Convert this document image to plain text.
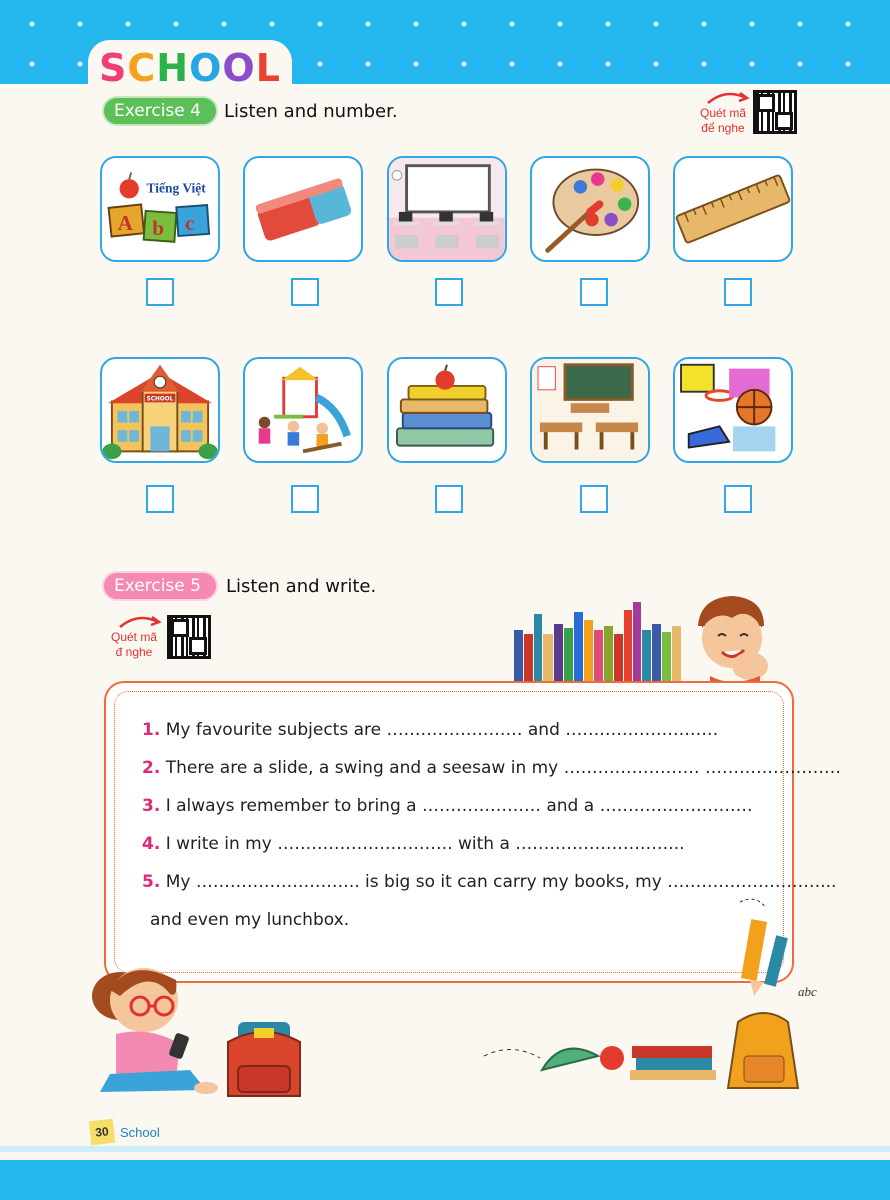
SCHOOL
Exercise 4	Listen and number.	Quét mã
để nghe
Tiếng Việt
A b c
SCHOOL
Exercise 5	Listen and write.
Quét mã
đ nghe
1. My favourite subjects are …………………… and ………………………
2. There are a slide, a swing and a seesaw in my …………………… ……………………
3. I always remember to bring a ………………… and a ………………………
4. I write in my …………………………. with a ………………………...
5. My ……………………….. is big so it can carry my books, my ………………………...
and even my lunchbox.
abc
30 School
